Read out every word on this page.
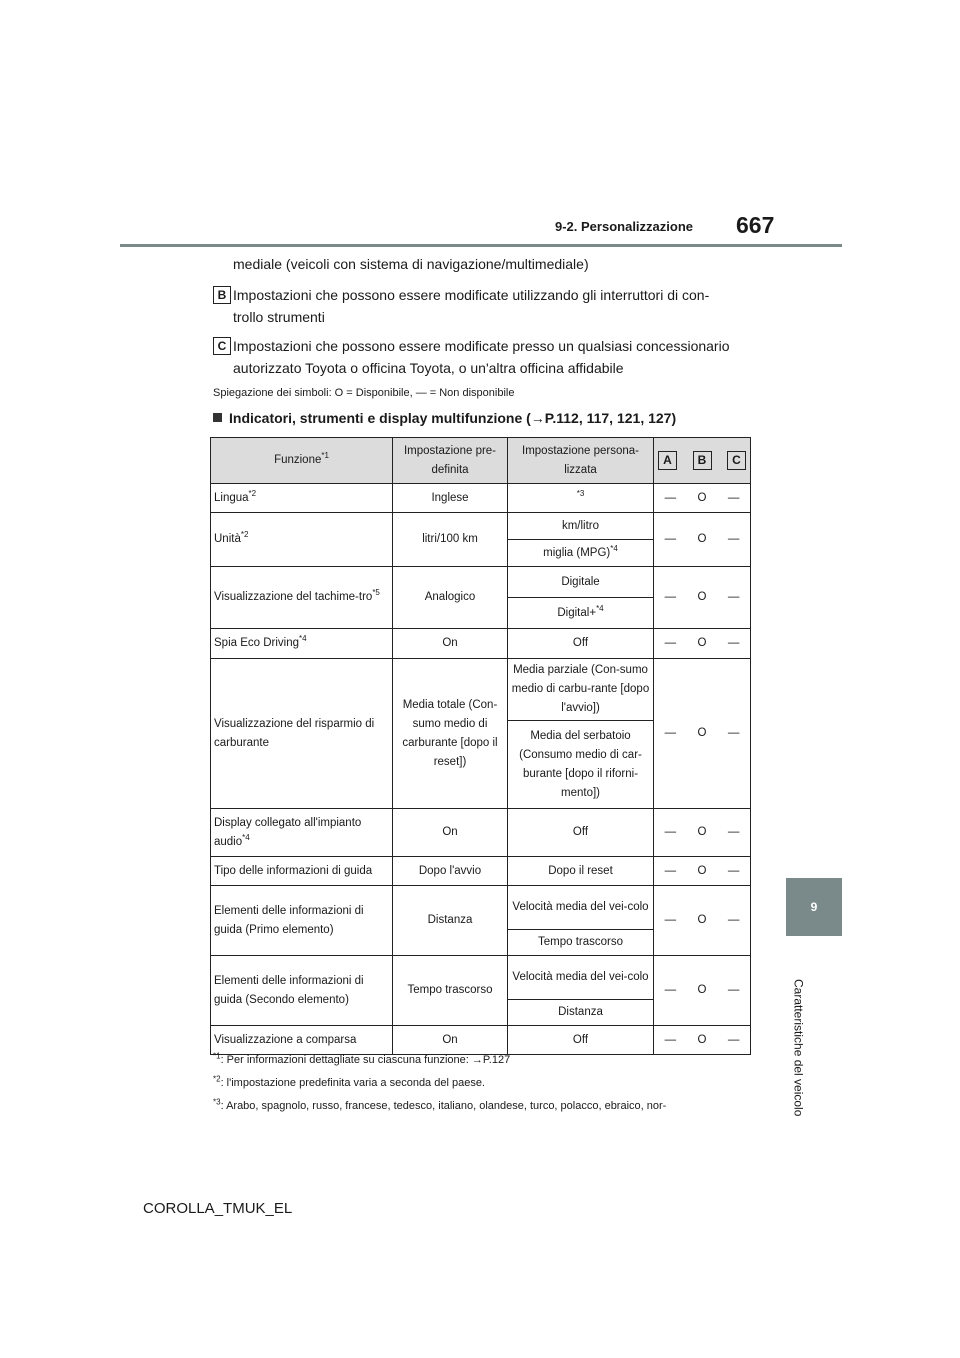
9-2. Personalizzazione 667
9
Caratteristiche del veicolo
mediale (veicoli con sistema di navigazione/multimediale)
B Impostazioni che possono essere modificate utilizzando gli interruttori di con-
trollo strumenti
C Impostazioni che possono essere modificate presso un qualsiasi concessionario
autorizzato Toyota o officina Toyota, o un'altra officina affidabile
Spiegazione dei simboli: O = Disponibile, — = Non disponibile
Indicatori, strumenti e display multifunzione (→P.112, 117, 121, 127)
Funzione$^{*1}$	Impostazione pre-definita	Impostazione persona-lizzata	A B C

Lingua$^{*2}$	Inglese	$^{*3}$	— O —

Unità$^{*2}$	litri/100 km	km/litro	— O —

		miglia (MPG)$^{*4}$
Visualizzazione del tachime-tro$^{*5}$	Analogico	Digitale	— O —

		Digital+$^{*4}$
Spia Eco Driving$^{*4}$	On	Off	— O —

Visualizzazione del risparmio di carburante	Media totale (Con-sumo medio di carburante [dopo il reset])	Media parziale (Con-sumo medio di carbu-rante [dopo l'avvio])	— O —

		Media del serbatoio (Consumo medio di car-burante [dopo il riforni-mento])	
Display collegato all'impianto audio$^{*4}$	On	Off	— O —

Tipo delle informazioni di guida	Dopo l'avvio	Dopo il reset	— O —

Elementi delle informazioni di guida (Primo elemento)	Distanza	Velocità media del vei-colo	— O —

		Tempo trascorso	
Elementi delle informazioni di guida (Secondo elemento)	Tempo trascorso	Velocità media del vei-colo	— O —

		Distanza	
Visualizzazione a comparsa	On	Off	— O —
$^{*1}$: Per informazioni dettagliate su ciascuna funzione: →P.127
$^{*2}$: l'impostazione predefinita varia a seconda del paese.
$^{*3}$: Arabo, spagnolo, russo, francese, tedesco, italiano, olandese, turco, polacco, ebraico, nor-
COROLLA_TMUK_EL
